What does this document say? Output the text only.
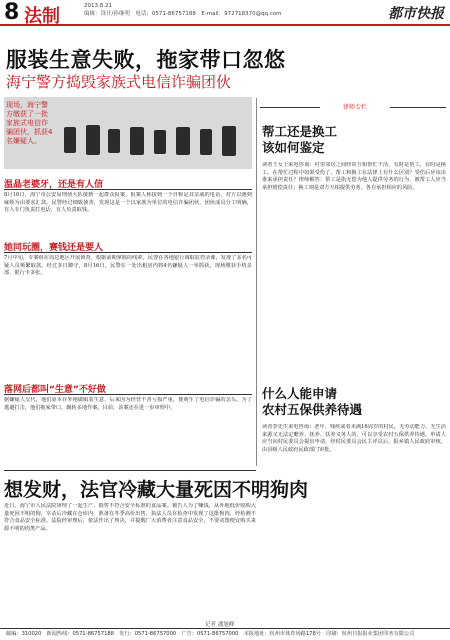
8 法制	2013.8.21
编辑：设计/孙继明　电话：0571-86757188　E-mail：972718370@qq.com	都市快报
服装生意失败，拖家带口忽悠
海宁警方捣毁家族式电信诈骗团伙
现场，海宁警方缴获了一批家族式电信诈骗团伙，抓获4名嫌疑人。
温晶老婆牙，还是有人信
8月16日，海宁市公安局刑侦大队接到一起群众报案。报案人称接到一个自称是其亲戚的电话，对方以遇到麻烦为由要求汇款。民警经过细致侦查，发现这是一个以家族为单位的电信诈骗团伙，团伙成员分工明确，有人专门负责打电话，有人负责取钱。
她同玩圈，赛钱还是要人
7月中旬，专案组在周边地区开展侦查。根据前期掌握的线索，民警在各地银行调取监控录像，发现了多名可疑人员频繁取款。经过多日蹲守，8月16日，民警在一处出租房内将4名嫌疑人一举抓获，现场缴获手机多部、银行卡多张。
落网后都叫“生意”不好做
据嫌疑人交代，他们原本在外地做服装生意，后来因为经营不善亏损严重，便萌生了电信诈骗的念头。为了逃避打击，他们拖家带口，辗转多地作案。目前，该案还在进一步审理中。
律师专栏
帮工还是换工
该如何鉴定
读者王女士来电咨询：村里邻居之间经常互相帮忙干活，有时是帮工，有时是换工。在帮忙过程中如果受伤了，帮工和换工在法律上有什么区别？受伤后应该由谁来承担责任？律师解答：帮工是指无偿为他人提供劳务的行为，被帮工人应当承担赔偿责任；换工则是双方互相提供劳务，各自承担相应的风险。
什么人能申请
农村五保供养待遇
读者李先生来电咨询：老年、残疾或者未满16周岁的村民，无劳动能力、无生活来源又无法定赡养、抚养、扶养义务人的，可以享受农村五保供养待遇。申请人应当向村民委员会提出申请，经村民委员会民主评议后，报乡镇人民政府审核，由县级人民政府民政部门审批。
想发财，法官冷藏大量死因不明狗肉
近日，海宁市人民法院审理了一起生产、销售不符合安全标准的食品案。被告人为了赚钱，从外地低价收购大量死因不明的狗，宰杀后冷藏在仓库内，准备在冬季高价出售。执法人员在检查中发现了这批狗肉，经检测不符合食品安全标准。法院经审理后，依法作出了判决，并提醒广大消费者注意食品安全，不要贪图便宜购买来源不明的肉类产品。
记者 潘旭峰
邮编：310020　新闻热线：0571-86757188　发行：0571-86757000　广告：0571-86757000　本报地址：杭州市体育场路178号　印刷：杭州日报报业集团印务有限公司
